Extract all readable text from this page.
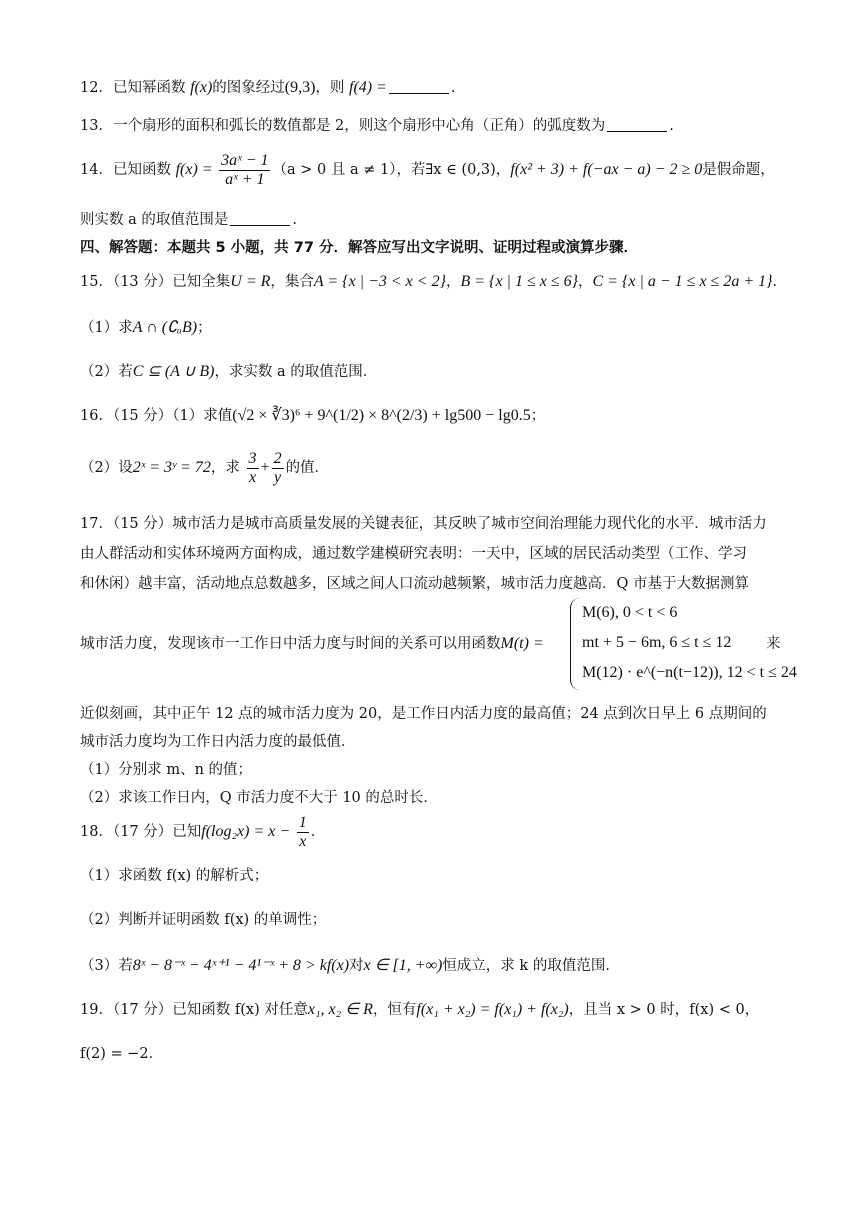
12．已知幂函数 f(x)的图象经过(9,3)，则 f(4) =	.
13．一个扇形的面积和弧长的数值都是 2，则这个扇形中心角（正角）的弧度数为	.
14．已知函数 $f(x) = \frac{\text{3aˣ − 1}}{\text{aˣ + 1}} (a > 0$ 且 a ≠ 1），若∃x ∈ (0,3)，f(x² + 3) + f(−ax − a) − 2 ≥ 0是假命题，
则实数 a 的取值范围是	.
四、解答题：本题共 5 小题，共 77 分．解答应写出文字说明、证明过程或演算步骤．
15．（13 分）已知全集U = R，集合A = {x | −3 < x < 2}，B = {x | 1 ≤ x ≤ 6}，C = {x | a − 1 ≤ x ≤ 2a + 1}．
（1）求A ∩ (∁ᵤB)；
（2）若C ⊆ (A ∪ B)，求实数 a 的取值范围．
16．（15 分）（1）求值(√2 × ∛3)⁶ + 9^(1/2) × 8^(2/3) + lg500 − lg0.5；
（2）设2ˣ = 3ʸ = 72，求 $\frac{3}{x} + \frac{2}{y}$ 的值．
17．（15 分）城市活力是城市高质量发展的关键表征，其反映了城市空间治理能力现代化的水平．城市活力
由人群活动和实体环境两方面构成，通过数学建模研究表明：一天中，区域的居民活动类型（工作、学习
和休闲）越丰富，活动地点总数越多，区域之间人口流动越频繁，城市活力度越高．Q 市基于大数据测算
城市活力度，发现该市一工作日中活力度与时间的关系可以用函数M(t) =
M(6), 0 < t < 6
mt + 5 − 6m, 6 ≤ t ≤ 12
M(12) · e^(−n(t−12)), 12 < t ≤ 24
来
近似刻画，其中正午 12 点的城市活力度为 20，是工作日内活力度的最高值；24 点到次日早上 6 点期间的
城市活力度均为工作日内活力度的最低值．
（1）分别求 m、n 的值；
（2）求该工作日内，Q 市活力度不大于 10 的总时长．
18．（17 分）已知$f(\log_2x) = x - \frac{1}{x}$ ．
（1）求函数 f(x) 的解析式；
（2）判断并证明函数 f(x) 的单调性；
（3）若8ˣ − 8⁻ˣ − 4ˣ⁺¹ − 4¹⁻ˣ + 8 > kf(x)对x ∈ [1, +∞)恒成立，求 k 的取值范围．
19．（17 分）已知函数 f(x) 对任意x₁, x₂ ∈ R，恒有f(x₁ + x₂) = f(x₁) + f(x₂)，且当 x > 0 时，f(x) < 0，
f(2) = −2．
